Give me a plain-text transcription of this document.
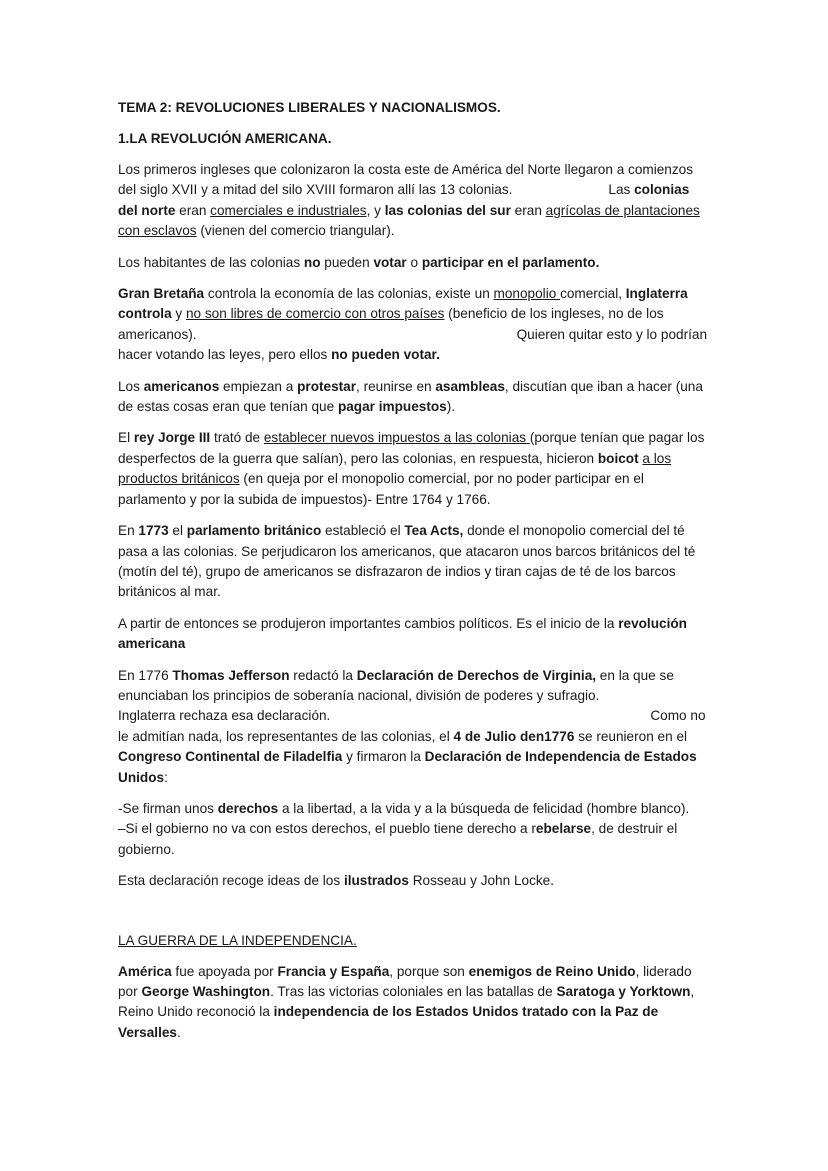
TEMA 2: REVOLUCIONES LIBERALES Y NACIONALISMOS.
1.LA REVOLUCIÓN AMERICANA.

Los primeros ingleses que colonizaron la costa este de América del Norte llegaron a comienzos del siglo XVII y a mitad del silo XVIII formaron allí las 13 colonias.	Las colonias del norte eran comerciales e industriales, y las colonias del sur eran agrícolas de plantaciones con esclavos (vienen del comercio triangular).

Los habitantes de las colonias no pueden votar o participar en el parlamento.

Gran Bretaña controla la economía de las colonias, existe un monopolio comercial, Inglaterra controla y no son libres de comercio con otros países (beneficio de los ingleses, no de los americanos).	Quieren quitar esto y lo podrían hacer votando las leyes, pero ellos no pueden votar.

Los americanos empiezan a protestar, reunirse en asambleas, discutían que iban a hacer (una de estas cosas eran que tenían que pagar impuestos).

El rey Jorge III trató de establecer nuevos impuestos a las colonias (porque tenían que pagar los desperfectos de la guerra que salían), pero las colonias, en respuesta, hicieron boicot a los productos británicos (en queja por el monopolio comercial, por no poder participar en el parlamento y por la subida de impuestos)- Entre 1764 y 1766.

En 1773 el parlamento británico estableció el Tea Acts, donde el monopolio comercial del té pasa a las colonias. Se perjudicaron los americanos, que atacaron unos barcos británicos del té (motín del té), grupo de americanos se disfrazaron de indios y tiran cajas de té de los barcos británicos al mar.

A partir de entonces se produjeron importantes cambios políticos. Es el inicio de la revolución americana

En 1776 Thomas Jefferson redactó la Declaración de Derechos de Virginia, en la que se enunciaban los principios de soberanía nacional, división de poderes y sufragio.
Inglaterra rechaza esa declaración.	Como no le admitían nada, los representantes de las colonias, el 4 de Julio den1776 se reunieron en el Congreso Continental de Filadelfia y firmaron la Declaración de Independencia de Estados Unidos:

-Se firman unos derechos a la libertad, a la vida y a la búsqueda de felicidad (hombre blanco).
–Si el gobierno no va con estos derechos, el pueblo tiene derecho a rebelarse, de destruir el gobierno.

Esta declaración recoge ideas de los ilustrados Rosseau y John Locke.

LA GUERRA DE LA INDEPENDENCIA.

América fue apoyada por Francia y España, porque son enemigos de Reino Unido, liderado por George Washington. Tras las victorias coloniales en las batallas de Saratoga y Yorktown, Reino Unido reconoció la independencia de los Estados Unidos tratado con la Paz de Versalles.
